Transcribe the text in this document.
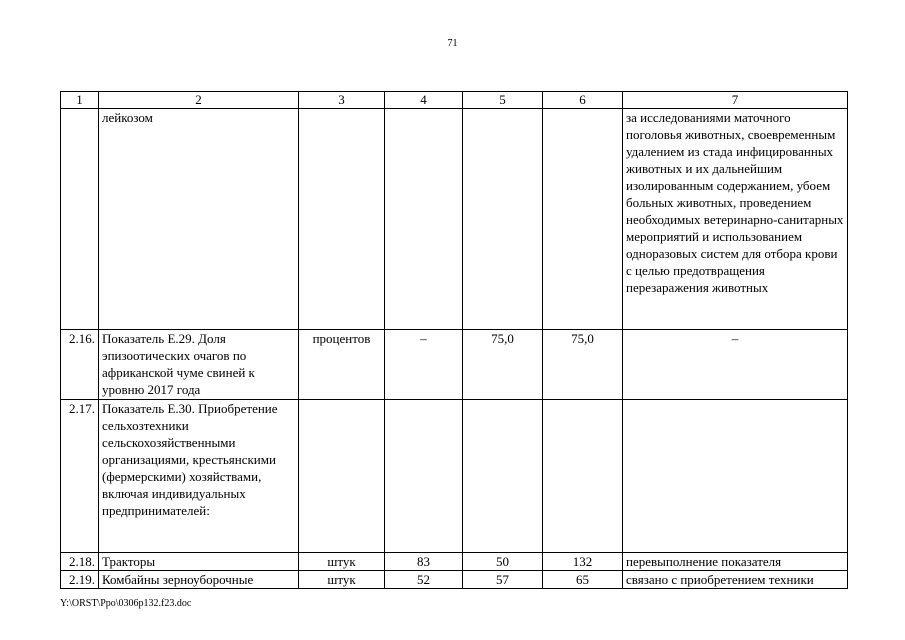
71
1	2	3	4	5	6	7
	лейкозом					за исследованиями маточного поголовья животных, своевременным удалением из стада инфицированных животных и их дальнейшим изолированным содержанием, убоем больных животных, проведением необходимых ветеринарно-санитарных мероприятий и использованием одноразовых систем для отбора крови с целью предотвращения перезаражения животных
2.16.	Показатель Е.29. Доля эпизоотических очагов по африканской чуме свиней к уровню 2017 года	процентов	–	75,0	75,0	–
2.17.	Показатель Е.30. Приобретение сельхозтехники сельскохозяйственными организациями, крестьянскими (фермерскими) хозяйствами, включая индивидуальных предпринимателей:					
2.18.	Тракторы	штук	83	50	132	перевыполнение показателя
2.19.	Комбайны зерноуборочные	штук	52	57	65	связано с приобретением техники
Y:\ORST\Ppo\0306p132.f23.doc
